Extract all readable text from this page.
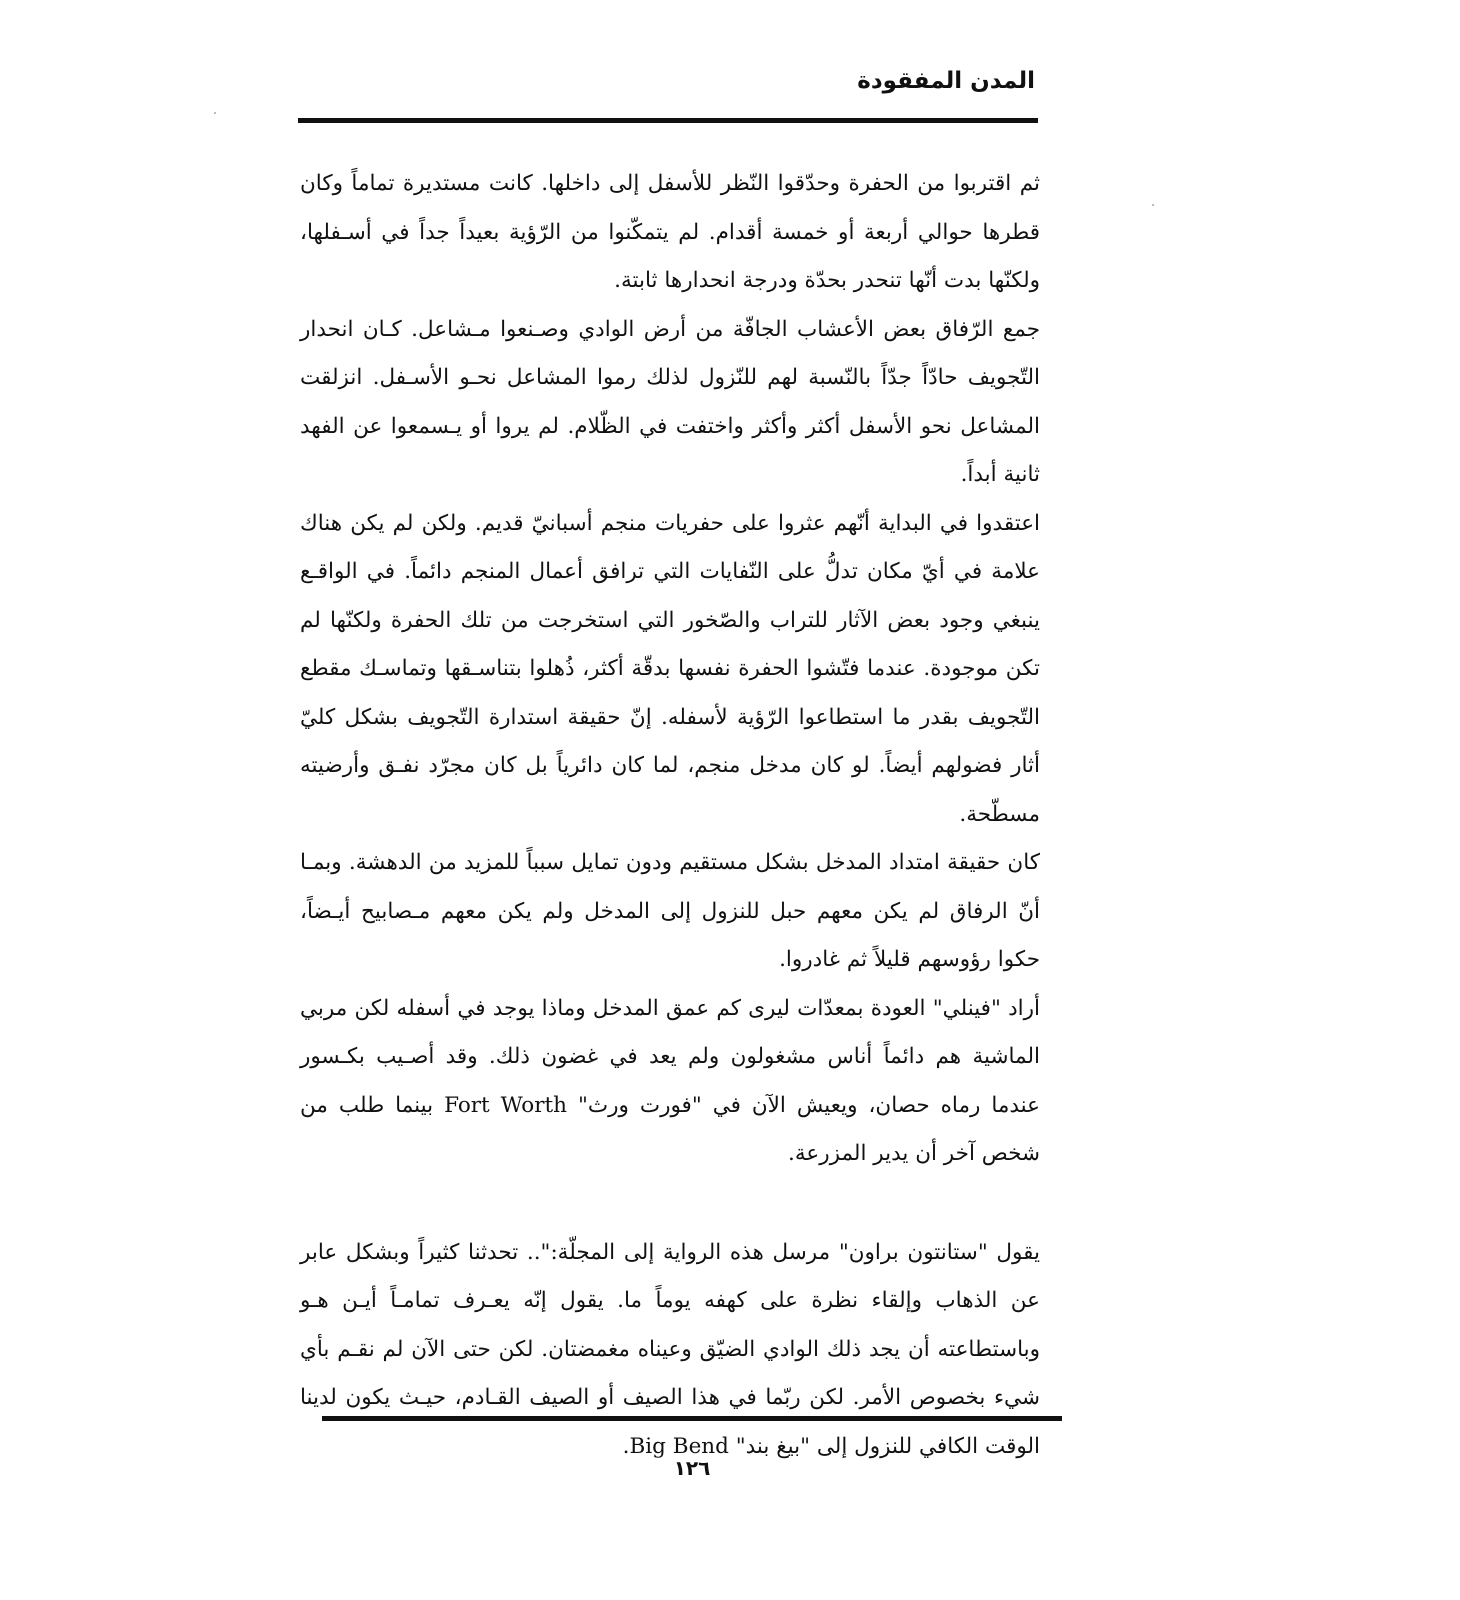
المدن المفقودة

ثم اقتربوا من الحفرة وحدّقوا النّظر للأسفل إلى داخلها. كانت مستديرة تماماً وكان قطرها حوالي أربعة أو خمسة أقدام. لم يتمكّنوا من الرّؤية بعيداً جداً في أسـفلها، ولكنّها بدت أنّها تنحدر بحدّة ودرجة انحدارها ثابتة.

جمع الرّفاق بعض الأعشاب الجافّة من أرض الوادي وصـنعوا مـشاعل. كـان انحدار التّجويف حادّاً جدّاً بالنّسبة لهم للنّزول لذلك رموا المشاعل نحـو الأسـفل. انزلقت المشاعل نحو الأسفل أكثر وأكثر واختفت في الظّلام. لم يروا أو يـسمعوا عن الفهد ثانية أبداً.

اعتقدوا في البداية أنّهم عثروا على حفريات منجم أسبانيّ قديم. ولكن لم يكن هناك علامة في أيّ مكان تدلُّ على النّفايات التي ترافق أعمال المنجم دائماً. في الواقـع ينبغي وجود بعض الآثار للتراب والصّخور التي استخرجت من تلك الحفرة ولكنّها لم تكن موجودة. عندما فتّشوا الحفرة نفسها بدقّة أكثر، ذُهلوا بتناسـقها وتماسـك مقطع التّجويف بقدر ما استطاعوا الرّؤية لأسفله. إنّ حقيقة استدارة التّجويف بشكل كليّ أثار فضولهم أيضاً. لو كان مدخل منجم، لما كان دائرياً بل كان مجرّد نفـق وأرضيته مسطّحة.

كان حقيقة امتداد المدخل بشكل مستقيم ودون تمايل سبباً للمزيد من الدهشة. وبمـا أنّ الرفاق لم يكن معهم حبل للنزول إلى المدخل ولم يكن معهم مـصابيح أيـضاً، حكوا رؤوسهم قليلاً ثم غادروا.

أراد "فينلي" العودة بمعدّات ليرى كم عمق المدخل وماذا يوجد في أسفله لكن مربي الماشية هم دائماً أناس مشغولون ولم يعد في غضون ذلك. وقد أصـيب بكـسور عندما رماه حصان، ويعيش الآن في "فورت ورث" Fort Worth بينما طلب من شخص آخر أن يدير المزرعة.

يقول "ستانتون براون" مرسل هذه الرواية إلى المجلّة:".. تحدثنا كثيراً وبشكل عابر عن الذهاب وإلقاء نظرة على كهفه يوماً ما. يقول إنّه يعـرف تمامـاً أيـن هـو وباستطاعته أن يجد ذلك الوادي الضيّق وعيناه مغمضتان. لكن حتى الآن لم نقـم بأي شيء بخصوص الأمر. لكن ربّما في هذا الصيف أو الصيف القـادم، حيـث يكون لدينا الوقت الكافي للنزول إلى "بيغ بند" Big Bend.

١٢٦
